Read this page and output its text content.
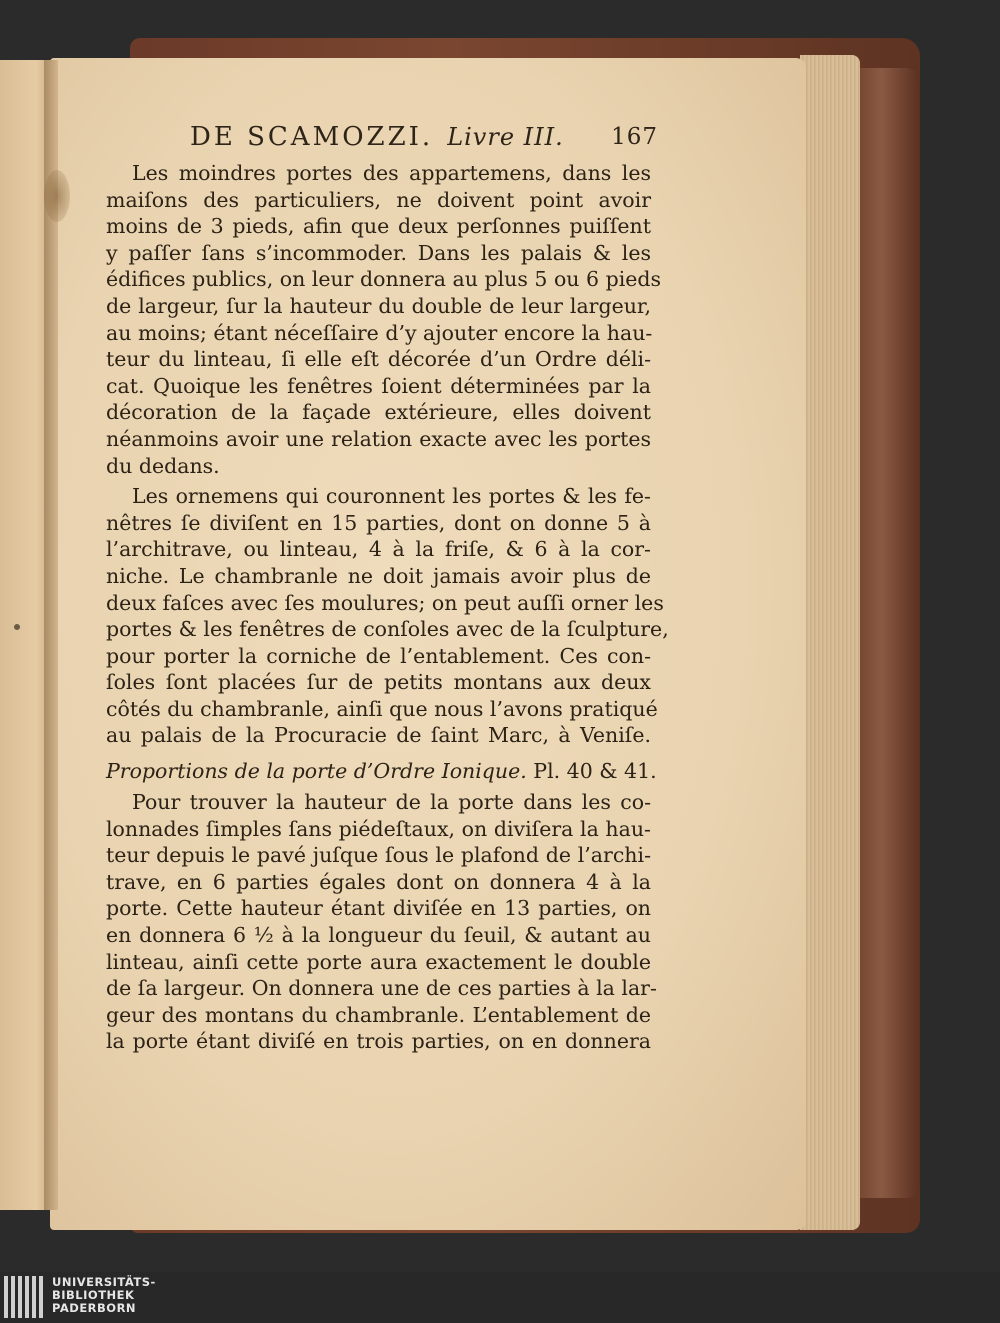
DE SCAMOZZI. Livre III. 167
Les moindres portes des appartemens, dans les
maiſons des particuliers, ne doivent point avoir
moins de 3 pieds, afin que deux perſonnes puiſſent
y paſſer ſans s’incommoder. Dans les palais & les
édifices publics, on leur donnera au plus 5 ou 6 pieds
de largeur, ſur la hauteur du double de leur largeur,
au moins; étant néceſſaire d’y ajouter encore la hau-
teur du linteau, ſi elle eſt décorée d’un Ordre déli-
cat. Quoique les fenêtres ſoient déterminées par la
décoration de la façade extérieure, elles doivent
néanmoins avoir une relation exacte avec les portes
du dedans.
Les ornemens qui couronnent les portes & les fe-
nêtres ſe diviſent en 15 parties, dont on donne 5 à
l’architrave, ou linteau, 4 à la friſe, & 6 à la cor-
niche. Le chambranle ne doit jamais avoir plus de
deux faſces avec ſes moulures; on peut auſſi orner les
portes & les fenêtres de conſoles avec de la ſculpture,
pour porter la corniche de l’entablement. Ces con-
ſoles ſont placées ſur de petits montans aux deux
côtés du chambranle, ainſi que nous l’avons pratiqué
au palais de la Procuracie de ſaint Marc, à Veniſe.
Proportions de la porte d’Ordre Ionique. Pl. 40 & 41.
Pour trouver la hauteur de la porte dans les co-
lonnades ſimples ſans piédeſtaux, on diviſera la hau-
teur depuis le pavé juſque ſous le plafond de l’archi-
trave, en 6 parties égales dont on donnera 4 à la
porte. Cette hauteur étant diviſée en 13 parties, on
en donnera 6 ½ à la longueur du ſeuil, & autant au
linteau, ainſi cette porte aura exactement le double
de ſa largeur. On donnera une de ces parties à la lar-
geur des montans du chambranle. L’entablement de
la porte étant diviſé en trois parties, on en donnera
UNIVERSITÄTS-
BIBLIOTHEK
PADERBORN
